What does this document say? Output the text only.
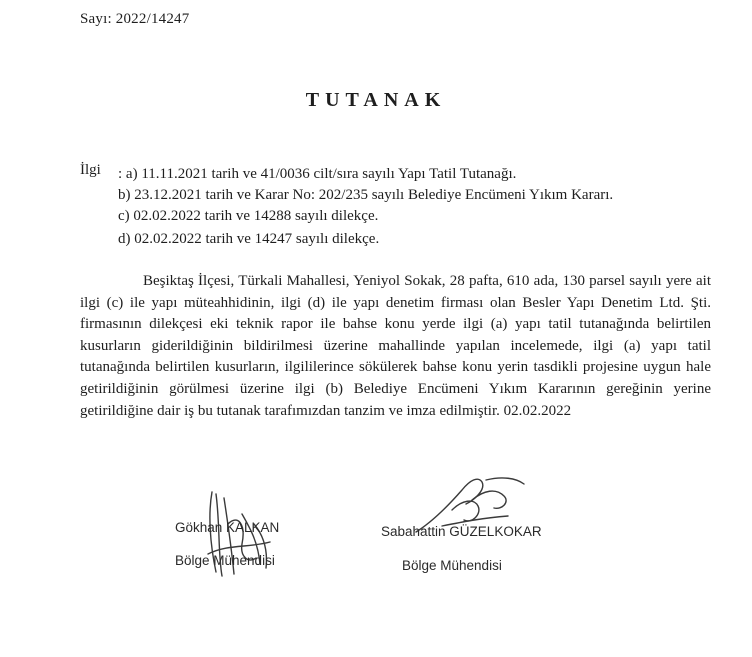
Sayı: 2022/14247
TUTANAK
İlgi : a) 11.11.2021 tarih ve 41/0036 cilt/sıra sayılı Yapı Tatil Tutanağı.
b) 23.12.2021 tarih ve Karar No: 202/235 sayılı Belediye Encümeni Yıkım Kararı.
c) 02.02.2022 tarih ve 14288 sayılı dilekçe.
d) 02.02.2022 tarih ve 14247 sayılı dilekçe.
Beşiktaş İlçesi, Türkali Mahallesi, Yeniyol Sokak, 28 pafta, 610 ada, 130 parsel sayılı yere ait ilgi (c) ile yapı müteahhidinin, ilgi (d) ile yapı denetim firması olan Besler Yapı Denetim Ltd. Şti. firmasının dilekçesi eki teknik rapor ile bahse konu yerde ilgi (a) yapı tatil tutanağında belirtilen kusurların giderildiğinin bildirilmesi üzerine mahallinde yapılan incelemede, ilgi (a) yapı tatil tutanağında belirtilen kusurların, ilgililerince sökülerek bahse konu yerin tasdikli projesine uygun hale getirildiğinin görülmesi üzerine ilgi (b) Belediye Encümeni Yıkım Kararının gereğinin yerine getirildiğine dair iş bu tutanak tarafımızdan tanzim ve imza edilmiştir. 02.02.2022
Gökhan KALKAN
Bölge Mühendisi
Sabahattin GÜZELKOKAR
Bölge Mühendisi
